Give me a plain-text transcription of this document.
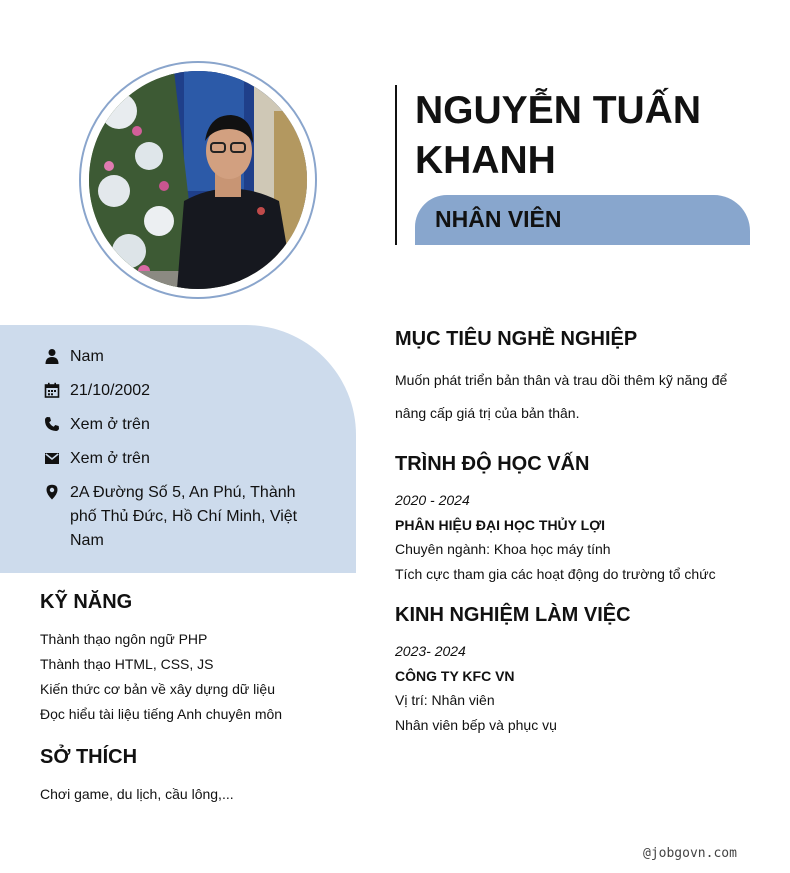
NGUYỄN TUẤN
KHANH
NHÂN VIÊN
Nam
21/10/2002
Xem ở trên
Xem ở trên
2A Đường Số 5, An Phú, Thành phố Thủ Đức, Hồ Chí Minh, Việt Nam
KỸ NĂNG
Thành thạo ngôn ngữ PHP
Thành thạo HTML, CSS, JS
Kiến thức cơ bản về xây dựng dữ liệu
Đọc hiểu tài liệu tiếng Anh chuyên môn
SỞ THÍCH
Chơi game, du lịch, cầu lông,...
MỤC TIÊU NGHỀ NGHIỆP
Muốn phát triển bản thân và trau dồi thêm kỹ năng để
nâng cấp giá trị của bản thân.
TRÌNH ĐỘ HỌC VẤN
2020 - 2024
PHÂN HIỆU ĐẠI HỌC THỦY LỢI
Chuyên ngành: Khoa học máy tính
Tích cực tham gia các hoạt động do trường tổ chức
KINH NGHIỆM LÀM VIỆC
2023- 2024
CÔNG TY KFC VN
Vị trí: Nhân viên
Nhân viên bếp và phục vụ
@jobgovn.com
